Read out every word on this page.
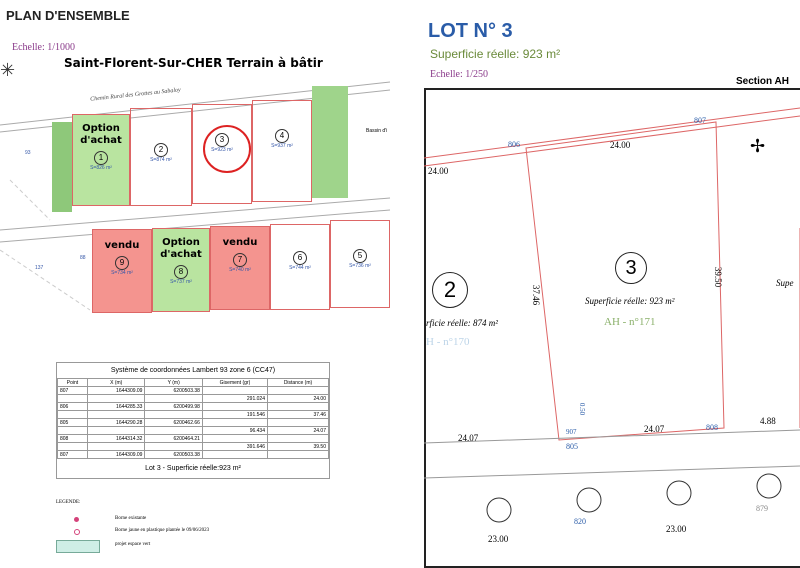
PLAN D'ENSEMBLE
Echelle: 1/1000
✳	Saint-Florent-Sur-CHER Terrain à bâtir
Chemin Rural des Grottes au Sabaloy
Bassin d'i
93
137
88
Option d'achat
1
S=826 m²
2
S=874 m²
3
S=923 m²
4
S=937 m²
vendu
9
S=734 m²
Option d'achat
8
S=737 m²
vendu
7
S=740 m²
6
S=744 m²
5
S=736 m²
Système de coordonnées Lambert 93 zone 6 (CC47)
Point	X (m)	Y (m)	Gisement (gr)	Distance (m)
807	1644309.09	6200503.38		
			291.024	24.00
806	1644285.33	6200499.98		
			191.546	37.46
805	1644290.28	6200462.66		
			96.434	24.07
808	1644314.32	6200464.21		
			391.646	39.50
807	1644309.09	6200503.38		
Lot 3 - Superficie réelle:923 m²
LEGENDE:
Borne existante
Borne jaune en plastique plantée le 09/06/2023
projet espace vert
LOT N° 3
Superficie réelle: 923 m²
Echelle: 1/250
Section AH
✢
807
806
805
808
820
879
24.00
24.00
37.46
39.50
24.07
24.07
4.88
23.00
23.00
0.50
907
3
Superficie réelle: 923 m²
AH - n°171
2
rficie réelle: 874 m²
H - n°170
Supe
